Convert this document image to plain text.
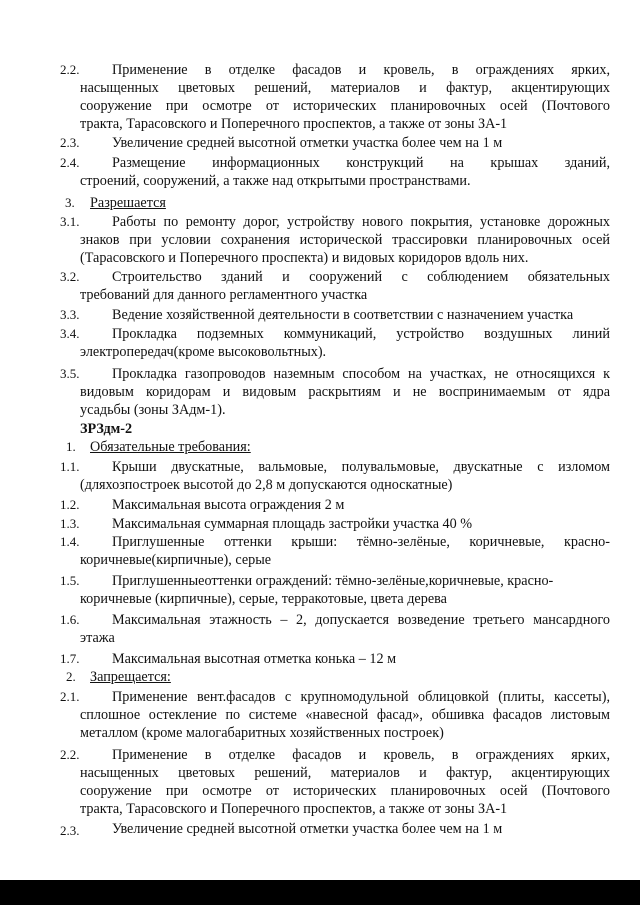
2.2. Применение в отделке фасадов и кровель, в ограждениях ярких,
насыщенных цветовых решений, материалов и фактур, акцентирующих
сооружение при осмотре от исторических планировочных осей (Почтового
тракта, Тарасовского и Поперечного проспектов, а также от зоны ЗА-1
2.3. Увеличение средней высотной отметки участка более чем на 1 м
2.4. Размещение информационных конструкций на крышах зданий,
строений, сооружений, а также над открытыми пространствами.
3. Разрешается
3.1. Работы по ремонту дорог, устройству нового покрытия, установке дорожных
знаков при условии сохранения исторической трассировки планировочных осей
(Тарасовского и Поперечного проспекта) и видовых коридоров вдоль них.
3.2. Строительство зданий и сооружений с соблюдением обязательных
требований для данного регламентного участка
3.3. Ведение хозяйственной деятельности в соответствии с назначением участка
3.4. Прокладка подземных коммуникаций, устройство воздушных линий
электропередач(кроме высоковольтных).
3.5. Прокладка газопроводов наземным способом на участках, не относящихся к
видовым коридорам и видовым раскрытиям и не воспринимаемым от ядра
усадьбы (зоны ЗАдм-1).
ЗРЗдм-2
1. Обязательные требования:
1.1. Крыши двускатные, вальмовые, полувальмовые, двускатные с изломом
(дляхозпострoек высотой до 2,8 м допускаются односкатные)
1.2. Максимальная высота ограждения 2 м
1.3. Максимальная суммарная площадь застройки участка 40 %
1.4. Приглушенные оттенки крыши: тёмно-зелёные, коричневые, красно-
коричневые(кирпичные), серые
1.5. Приглушенныеоттенки ограждений: тёмно-зелёные,коричневые, красно-
коричневые (кирпичные), серые, терракотовые, цвета дерева
1.6. Максимальная этажность – 2, допускается возведение третьего мансардного
этажа
1.7. Максимальная высотная отметка конька – 12 м
2. Запрещается:
2.1. Применение вент.фасадов с крупномодульной облицовкой (плиты, кассеты),
сплошное остекление по системе «навесной фасад», обшивка фасадов листовым
металлом (кроме малогабаритных хозяйственных построек)
2.2. Применение в отделке фасадов и кровель, в ограждениях ярких,
насыщенных цветовых решений, материалов и фактур, акцентирующих
сооружение при осмотре от исторических планировочных осей (Почтового
тракта, Тарасовского и Поперечного проспектов, а также от зоны ЗА-1
2.3. Увеличение средней высотной отметки участка более чем на 1 м
